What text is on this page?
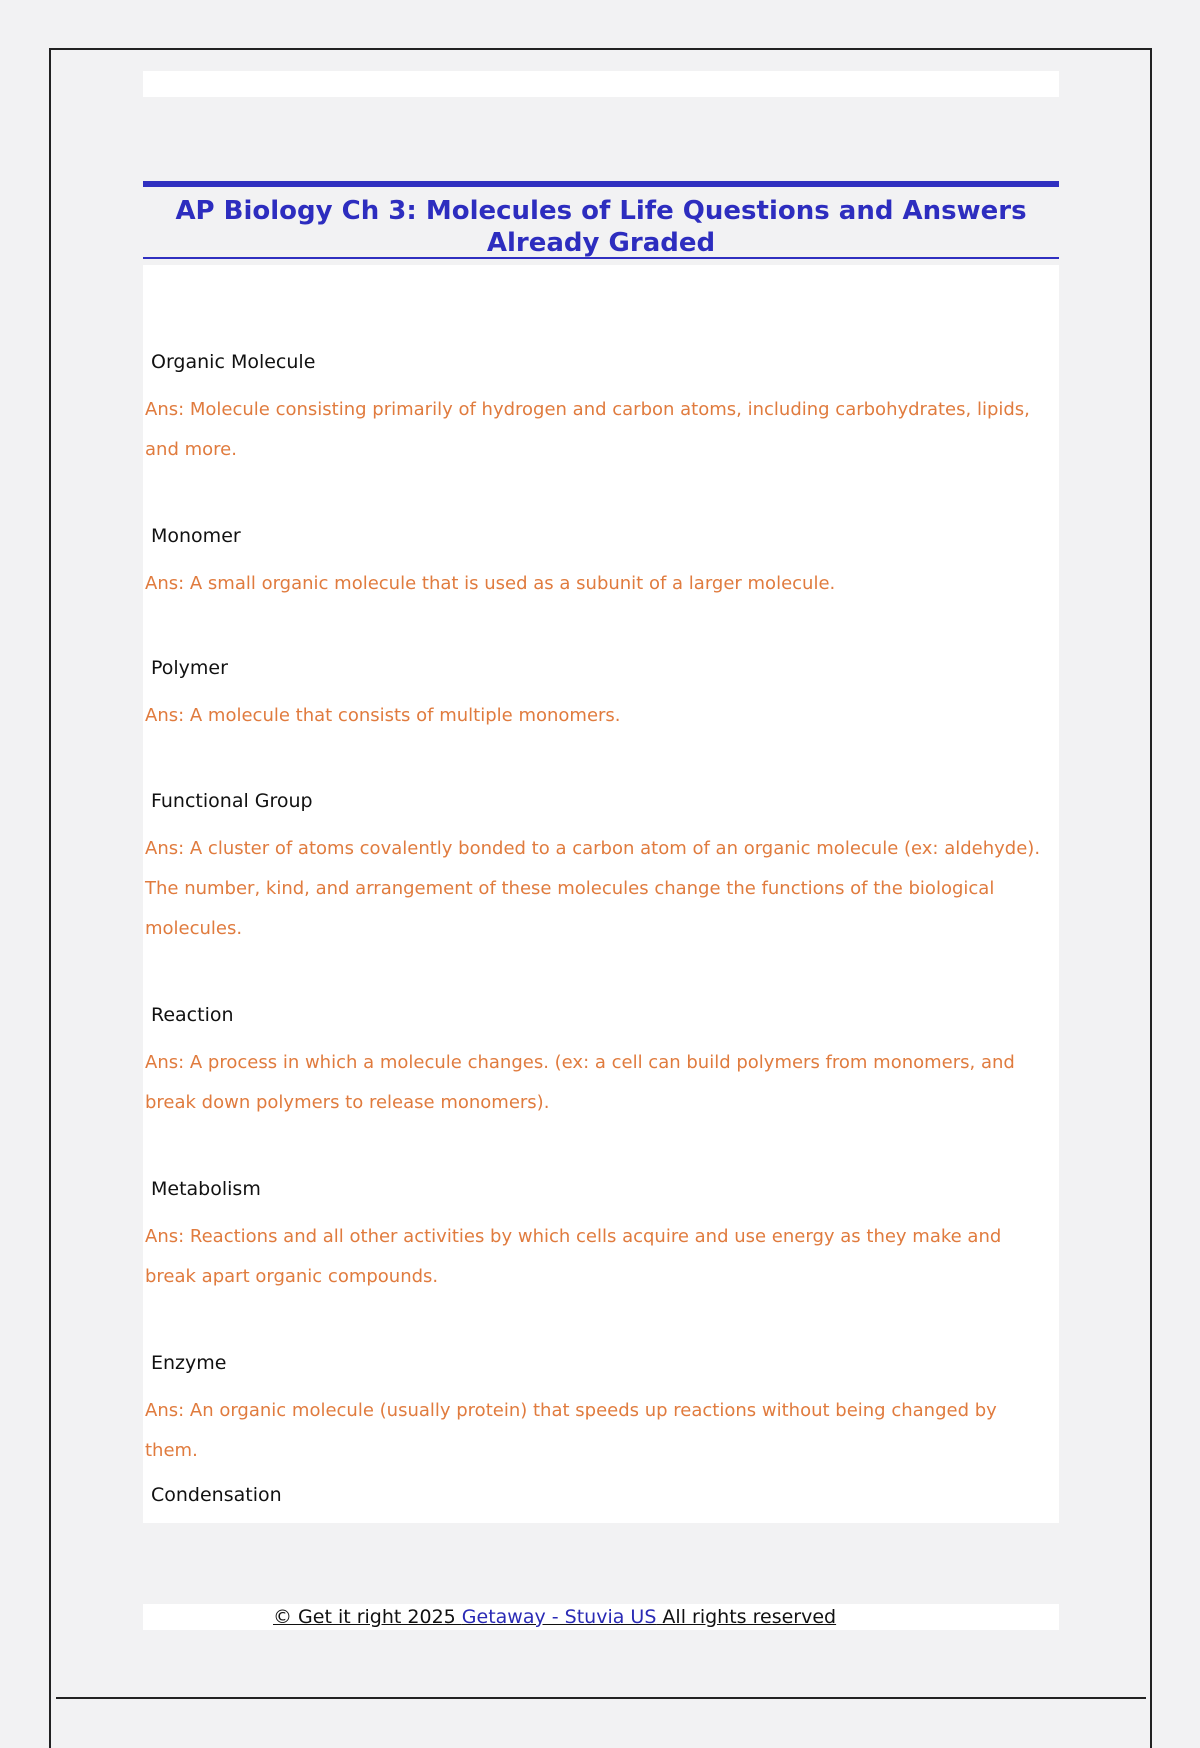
AP Biology Ch 3: Molecules of Life Questions and Answers Already Graded

Organic Molecule

Ans: Molecule consisting primarily of hydrogen and carbon atoms, including carbohydrates, lipids, and more.

Monomer

Ans: A small organic molecule that is used as a subunit of a larger molecule.

Polymer

Ans: A molecule that consists of multiple monomers.

Functional Group

Ans: A cluster of atoms covalently bonded to a carbon atom of an organic molecule (ex: aldehyde). The number, kind, and arrangement of these molecules change the functions of the biological molecules.

Reaction

Ans: A process in which a molecule changes. (ex: a cell can build polymers from monomers, and break down polymers to release monomers).

Metabolism

Ans: Reactions and all other activities by which cells acquire and use energy as they make and break apart organic compounds.

Enzyme

Ans: An organic molecule (usually protein) that speeds up reactions without being changed by them.

Condensation

© Get it right 2025 Getaway - Stuvia US All rights reserved
